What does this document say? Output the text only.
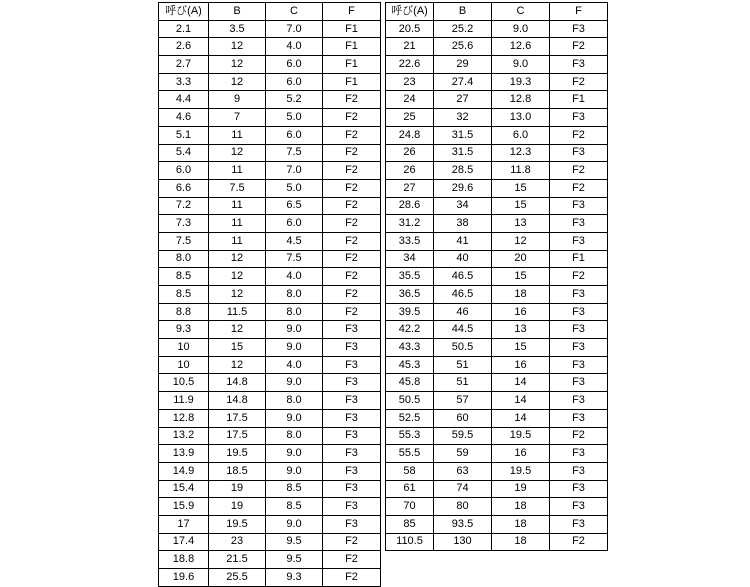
呼び(A)	B	C	F
2.1	3.5	7.0	F1
2.6	12	4.0	F1
2.7	12	6.0	F1
3.3	12	6.0	F1
4.4	9	5.2	F2
4.6	7	5.0	F2
5.1	11	6.0	F2
5.4	12	7.5	F2
6.0	11	7.0	F2
6.6	7.5	5.0	F2
7.2	11	6.5	F2
7.3	11	6.0	F2
7.5	11	4.5	F2
8.0	12	7.5	F2
8.5	12	4.0	F2
8.5	12	8.0	F2
8.8	11.5	8.0	F2
9.3	12	9.0	F3
10	15	9.0	F3
10	12	4.0	F3
10.5	14.8	9.0	F3
11.9	14.8	8.0	F3
12.8	17.5	9.0	F3
13.2	17.5	8.0	F3
13.9	19.5	9.0	F3
14.9	18.5	9.0	F3
15.4	19	8.5	F3
15.9	19	8.5	F3
17	19.5	9.0	F3
17.4	23	9.5	F2
18.8	21.5	9.5	F2
19.6	25.5	9.3	F2
呼び(A)	B	C	F
20.5	25.2	9.0	F3
21	25.6	12.6	F2
22.6	29	9.0	F3
23	27.4	19.3	F2
24	27	12.8	F1
25	32	13.0	F3
24.8	31.5	6.0	F2
26	31.5	12.3	F3
26	28.5	11.8	F2
27	29.6	15	F2
28.6	34	15	F3
31.2	38	13	F3
33.5	41	12	F3
34	40	20	F1
35.5	46.5	15	F2
36.5	46.5	18	F3
39.5	46	16	F3
42.2	44.5	13	F3
43.3	50.5	15	F3
45.3	51	16	F3
45.8	51	14	F3
50.5	57	14	F3
52.5	60	14	F3
55.3	59.5	19.5	F2
55.5	59	16	F3
58	63	19.5	F3
61	74	19	F3
70	80	18	F3
85	93.5	18	F3
110.5	130	18	F2
